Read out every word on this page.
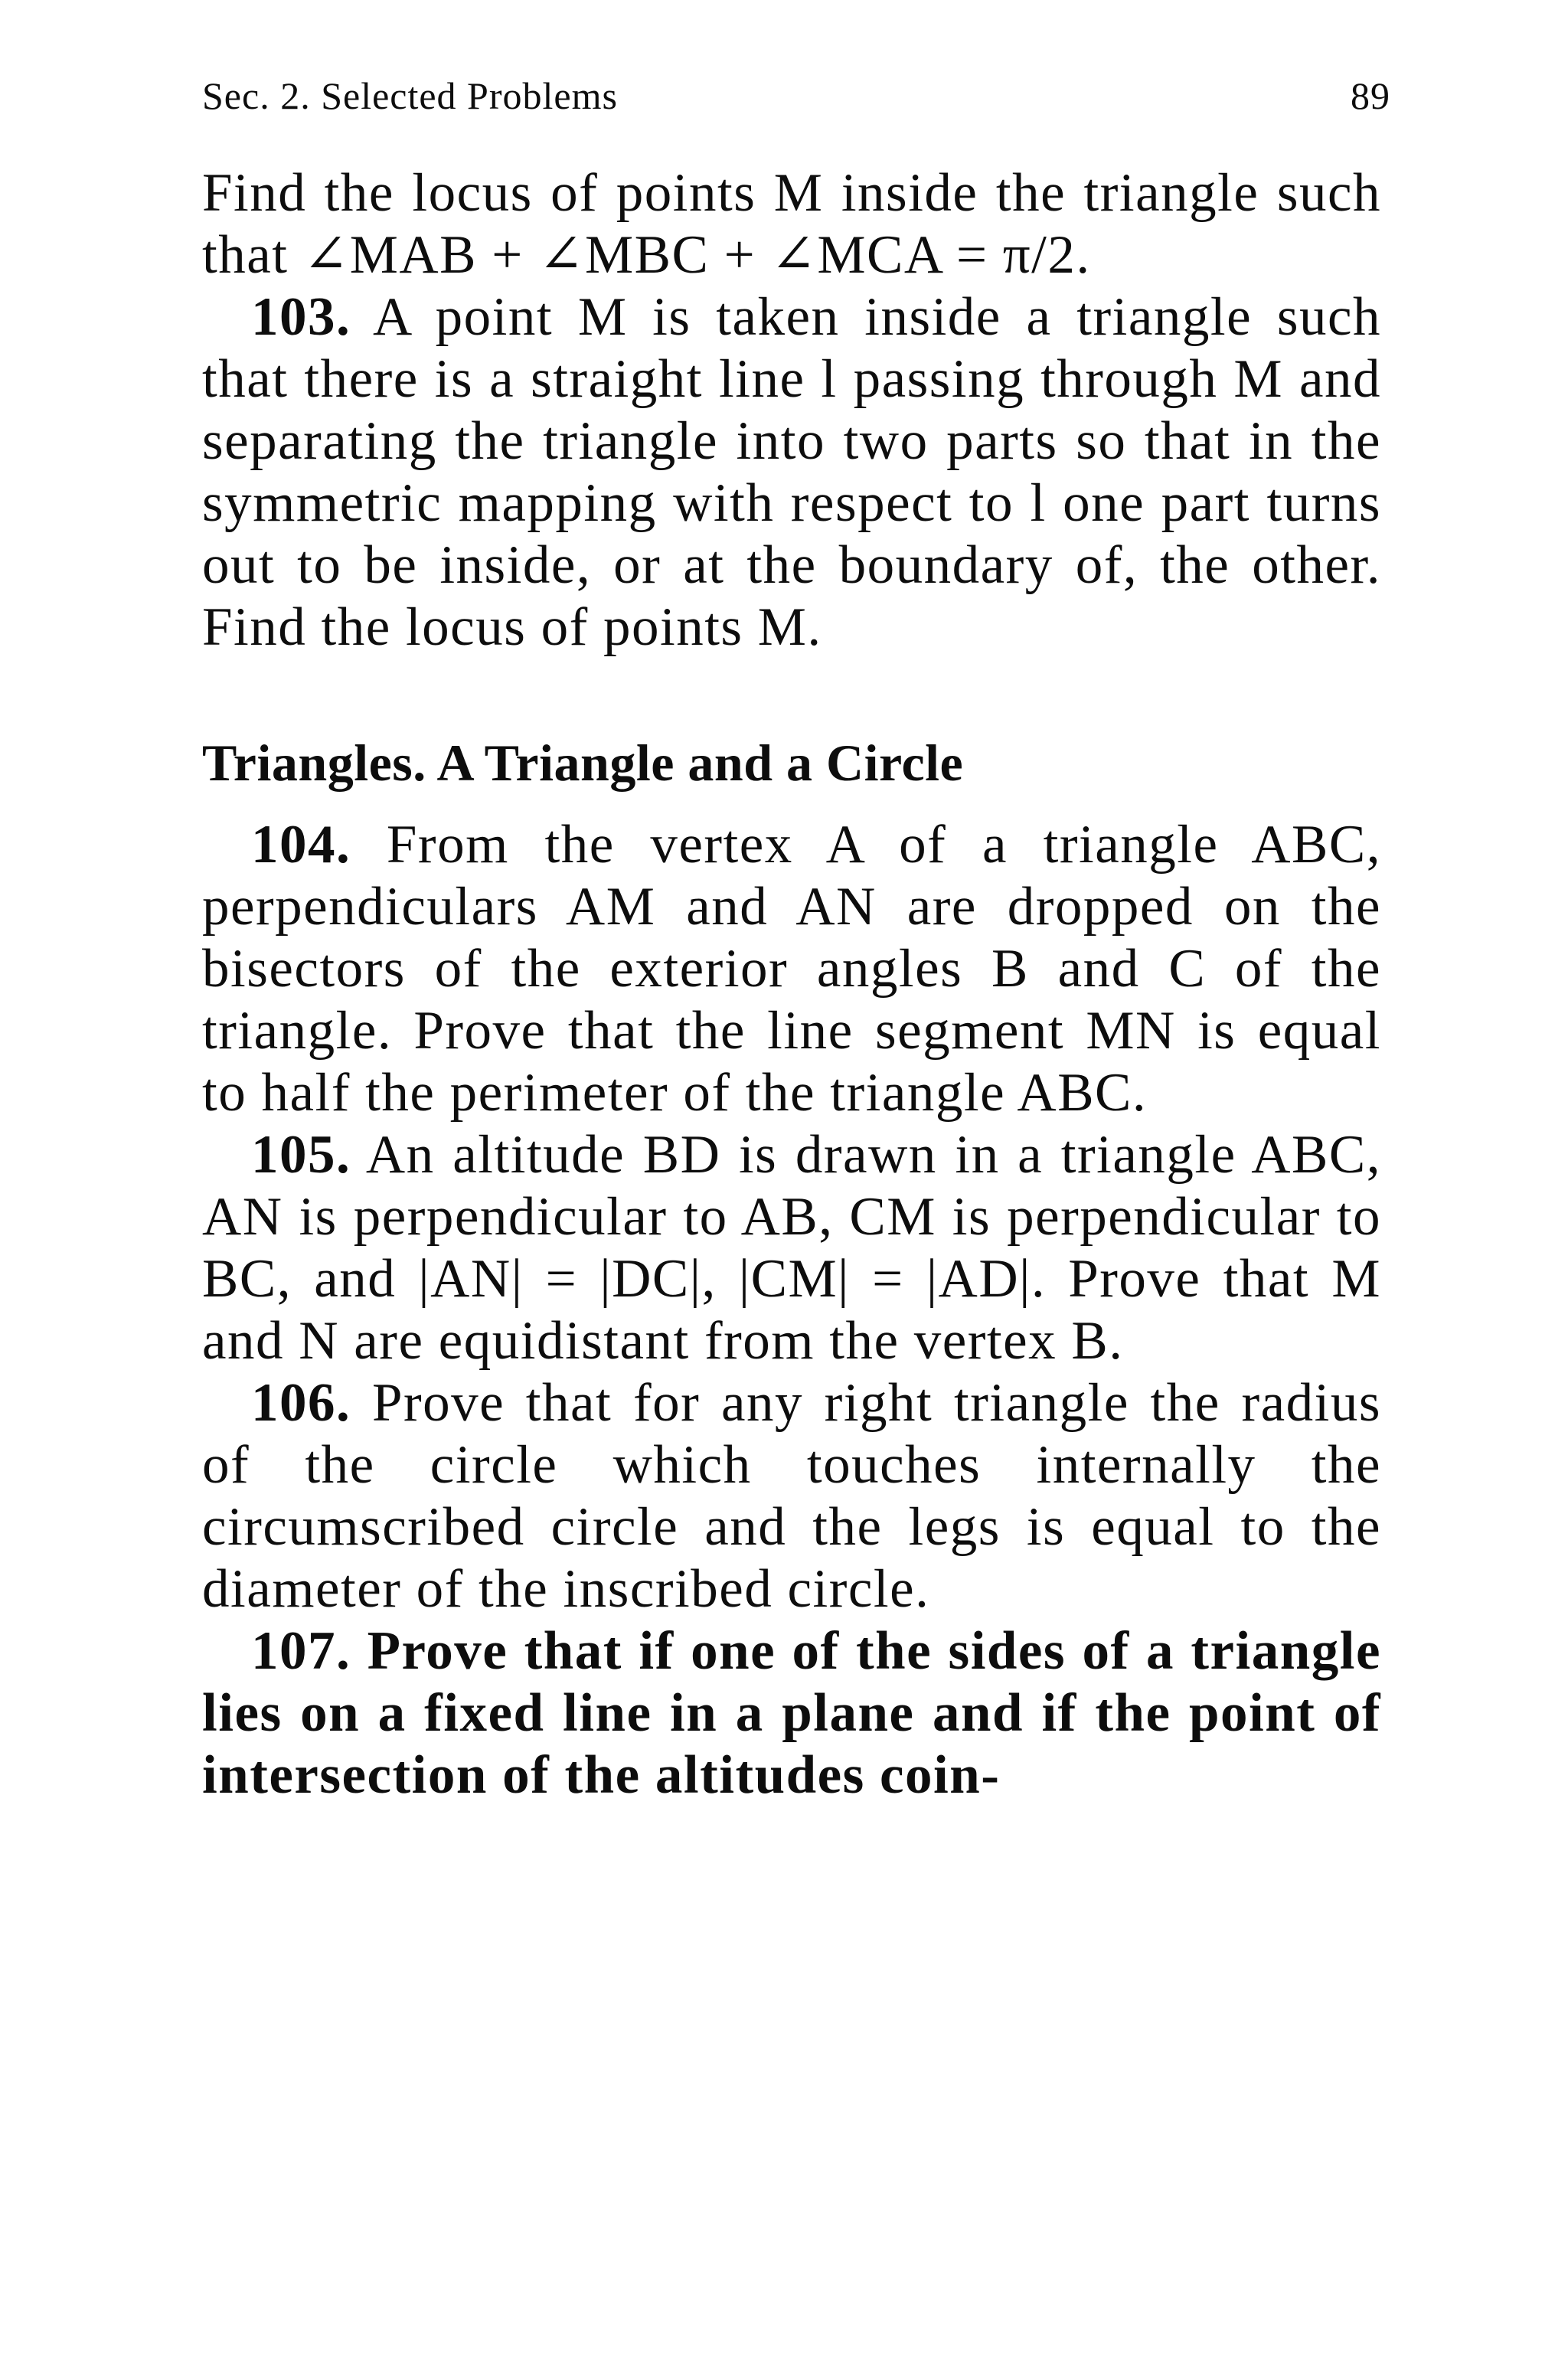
Sec. 2. Selected Problems	89

Find the locus of points M inside the triangle such that ∠MAB + ∠MBC + ∠MCA = π/2.

103. A point M is taken inside a triangle such that there is a straight line l passing through M and separating the triangle into two parts so that in the symmetric mapping with respect to l one part turns out to be inside, or at the boundary of, the other. Find the locus of points M.

Triangles. A Triangle and a Circle

104. From the vertex A of a triangle ABC, perpendiculars AM and AN are dropped on the bisectors of the exterior angles B and C of the triangle. Prove that the line segment MN is equal to half the perimeter of the triangle ABC.

105. An altitude BD is drawn in a triangle ABC, AN is perpendicular to AB, CM is perpendicular to BC, and |AN| = |DC|, |CM| = |AD|. Prove that M and N are equidistant from the vertex B.

106. Prove that for any right triangle the radius of the circle which touches internally the circumscribed circle and the legs is equal to the diameter of the inscribed circle.

107. Prove that if one of the sides of a triangle lies on a fixed line in a plane and if the point of intersection of the altitudes coin-
